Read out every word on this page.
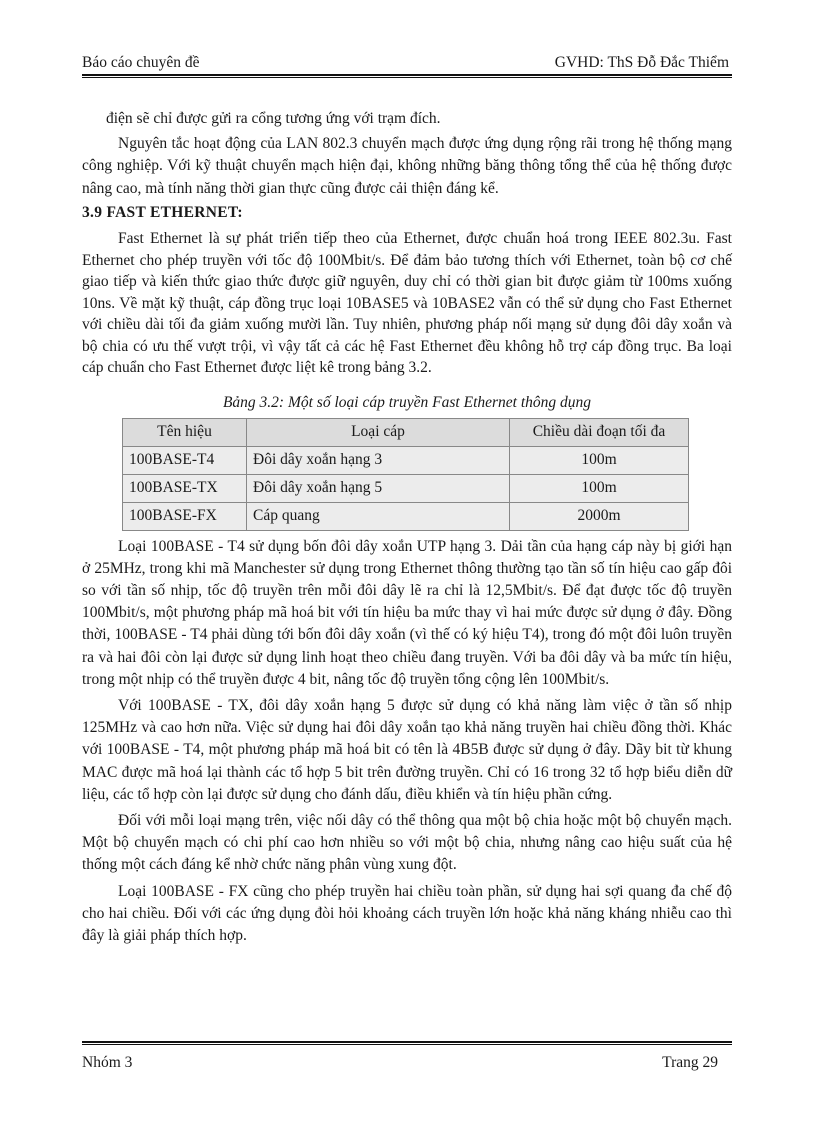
Báo cáo chuyên đề	GVHD: ThS Đỗ Đắc Thiểm

điện sẽ chỉ được gửi ra cổng tương ứng với trạm đích.

Nguyên tắc hoạt động của LAN 802.3 chuyển mạch được ứng dụng rộng rãi trong hệ thống mạng công nghiệp. Với kỹ thuật chuyển mạch hiện đại, không những băng thông tổng thể của hệ thống được nâng cao, mà tính năng thời gian thực cũng được cải thiện đáng kể.

3.9 FAST ETHERNET:

Fast Ethernet là sự phát triển tiếp theo của Ethernet, được chuẩn hoá trong IEEE 802.3u. Fast Ethernet cho phép truyền với tốc độ 100Mbit/s. Để đảm bảo tương thích với Ethernet, toàn bộ cơ chế giao tiếp và kiến thức giao thức được giữ nguyên, duy chỉ có thời gian bit được giảm từ 100ms xuống 10ns. Về mặt kỹ thuật, cáp đồng trục loại 10BASE5 và 10BASE2 vẫn có thể sử dụng cho Fast Ethernet với chiều dài tối đa giảm xuống mười lần. Tuy nhiên, phương pháp nối mạng sử dụng đôi dây xoắn và bộ chia có ưu thế vượt trội, vì vậy tất cả các hệ Fast Ethernet đều không hỗ trợ cáp đồng trục. Ba loại cáp chuẩn cho Fast Ethernet được liệt kê trong bảng 3.2.

Bảng 3.2: Một số loại cáp truyền Fast Ethernet thông dụng
Tên hiệu	Loại cáp	Chiều dài đoạn tối đa
100BASE-T4	Đôi dây xoắn hạng 3	100m
100BASE-TX	Đôi dây xoắn hạng 5	100m
100BASE-FX	Cáp quang	2000m

Loại 100BASE - T4 sử dụng bốn đôi dây xoắn UTP hạng 3. Dải tần của hạng cáp này bị giới hạn ở 25MHz, trong khi mã Manchester sử dụng trong Ethernet thông thường tạo tần số tín hiệu cao gấp đôi so với tần số nhịp, tốc độ truyền trên mỗi đôi dây lẽ ra chỉ là 12,5Mbit/s. Để đạt được tốc độ truyền 100Mbit/s, một phương pháp mã hoá bit với tín hiệu ba mức thay vì hai mức được sử dụng ở đây. Đồng thời, 100BASE - T4 phải dùng tới bốn đôi dây xoắn (vì thế có ký hiệu T4), trong đó một đôi luôn truyền ra và hai đôi còn lại được sử dụng linh hoạt theo chiều đang truyền. Với ba đôi dây và ba mức tín hiệu, trong một nhịp có thể truyền được 4 bit, nâng tốc độ truyền tổng cộng lên 100Mbit/s.

Với 100BASE - TX, đôi dây xoắn hạng 5 được sử dụng có khả năng làm việc ở tần số nhịp 125MHz và cao hơn nữa. Việc sử dụng hai đôi dây xoắn tạo khả năng truyền hai chiều đồng thời. Khác với 100BASE - T4, một phương pháp mã hoá bit có tên là 4B5B được sử dụng ở đây. Dãy bit từ khung MAC được mã hoá lại thành các tổ hợp 5 bit trên đường truyền. Chỉ có 16 trong 32 tổ hợp biểu diễn dữ liệu, các tổ hợp còn lại được sử dụng cho đánh dấu, điều khiển và tín hiệu phần cứng.

Đối với mỗi loại mạng trên, việc nối dây có thể thông qua một bộ chia hoặc một bộ chuyển mạch. Một bộ chuyển mạch có chi phí cao hơn nhiều so với một bộ chia, nhưng nâng cao hiệu suất của hệ thống một cách đáng kể nhờ chức năng phân vùng xung đột.

Loại 100BASE - FX cũng cho phép truyền hai chiều toàn phần, sử dụng hai sợi quang đa chế độ cho hai chiều. Đối với các ứng dụng đòi hỏi khoảng cách truyền lớn hoặc khả năng kháng nhiễu cao thì đây là giải pháp thích hợp.

Nhóm 3	Trang 29
